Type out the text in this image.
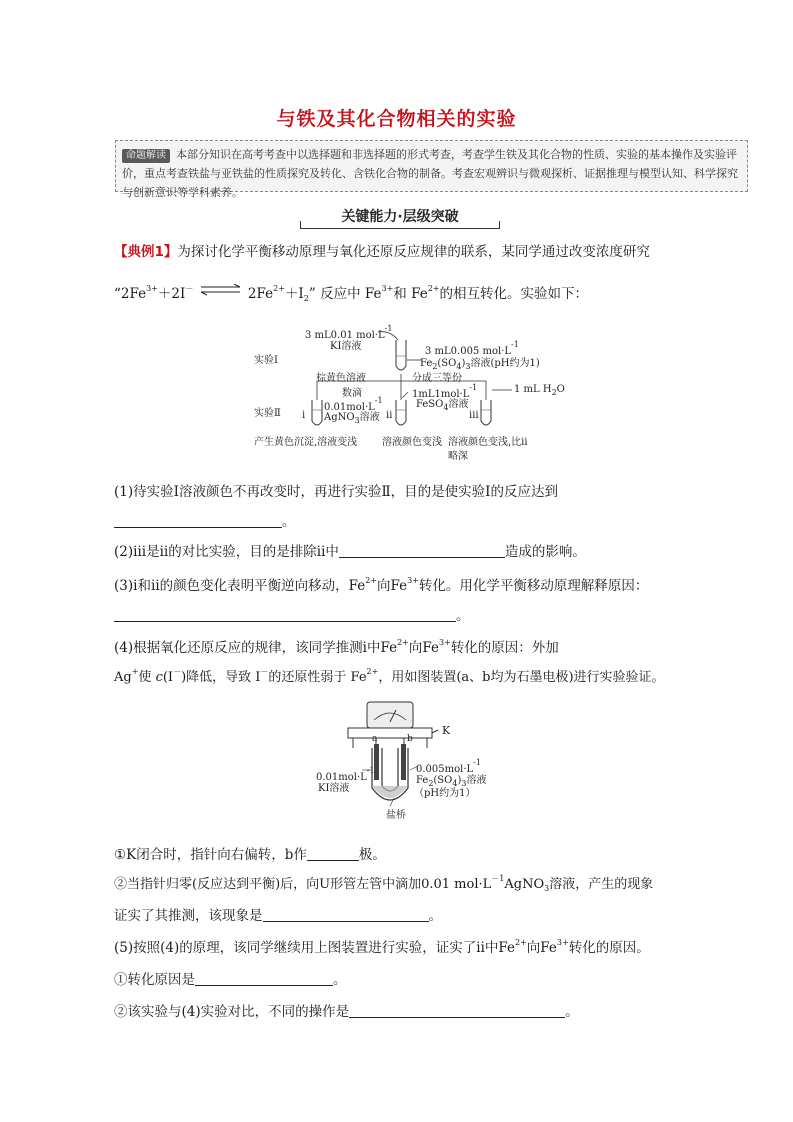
与铁及其化合物相关的实验
命题解读 本部分知识在高考考查中以选择题和非选择题的形式考查，考查学生铁及其化合物的性质、实验的基本操作及实验评价，重点考查铁盐与亚铁盐的性质探究及转化、含铁化合物的制备。考查宏观辨识与微观探析、证据推理与模型认知、科学探究与创新意识等学科素养。
关键能力·层级突破
【典例1】为探讨化学平衡移动原理与氧化还原反应规律的联系，某同学通过改变浓度研究
“$2Fe^{3+}+2I^-$ ⇌ $2Fe^{2+}+I_2$” 反应中 $Fe^{3+}$和 $Fe^{2+}$的相互转化。实验如下：
3 mL0.01 $mol\cdot L^{-1}$
KI溶液
实验Ⅰ
3 mL0.005 $mol\cdot L^{-1}$
$Fe_2(SO_4)_3$溶液(pH约为1)
棕黄色溶液	分成三等份
数滴
$0.01mol\cdot L^{-1}$
AgNO$_3$溶液
$1mL1mol\cdot L^{-1}$
FeSO$_4$溶液
1 mL $H_2O$
实验Ⅱ ⅰ	ⅱ	ⅲ
产生黄色沉淀,溶液变浅 溶液颜色变浅 溶液颜色变浅,比ⅱ
略深
(1)待实验Ⅰ溶液颜色不再改变时，再进行实验Ⅱ，目的是使实验Ⅰ的反应达到
。
(2)ⅲ是ⅱ的对比实验，目的是排除ⅱ中	造成的影响。
(3)ⅰ和ⅱ的颜色变化表明平衡逆向移动，$Fe^{2+}$向$Fe^{3+}$转化。用化学平衡移动原理解释原因：
。
(4)根据氧化还原反应的规律，该同学推测ⅰ中$Fe^{2+}$向$Fe^{3+}$转化的原因：外加
Ag+使 c(I－)降低，导致 I－的还原性弱于 $Fe^{2+}$，用如图装置(a、b均为石墨电极)进行实验验证。
K
a	b
$0.01mol\cdot L^{-1}$
KI溶液
$0.005mol\cdot L^{-1}$
$Fe_2(SO_4)_3$溶液
（pH约为1）
盐桥
①K闭合时，指针向右偏转，b作	极。
②当指针归零(反应达到平衡)后，向U形管左管中滴加0.01 $mol\cdot L^{-1}AgNO_3$溶液，产生的现象
证实了其推测，该现象是	。
(5)按照(4)的原理，该同学继续用上图装置进行实验，证实了ⅱ中$Fe^{2+}$向$Fe^{3+}$转化的原因。
①转化原因是	。
②该实验与(4)实验对比，不同的操作是	。
